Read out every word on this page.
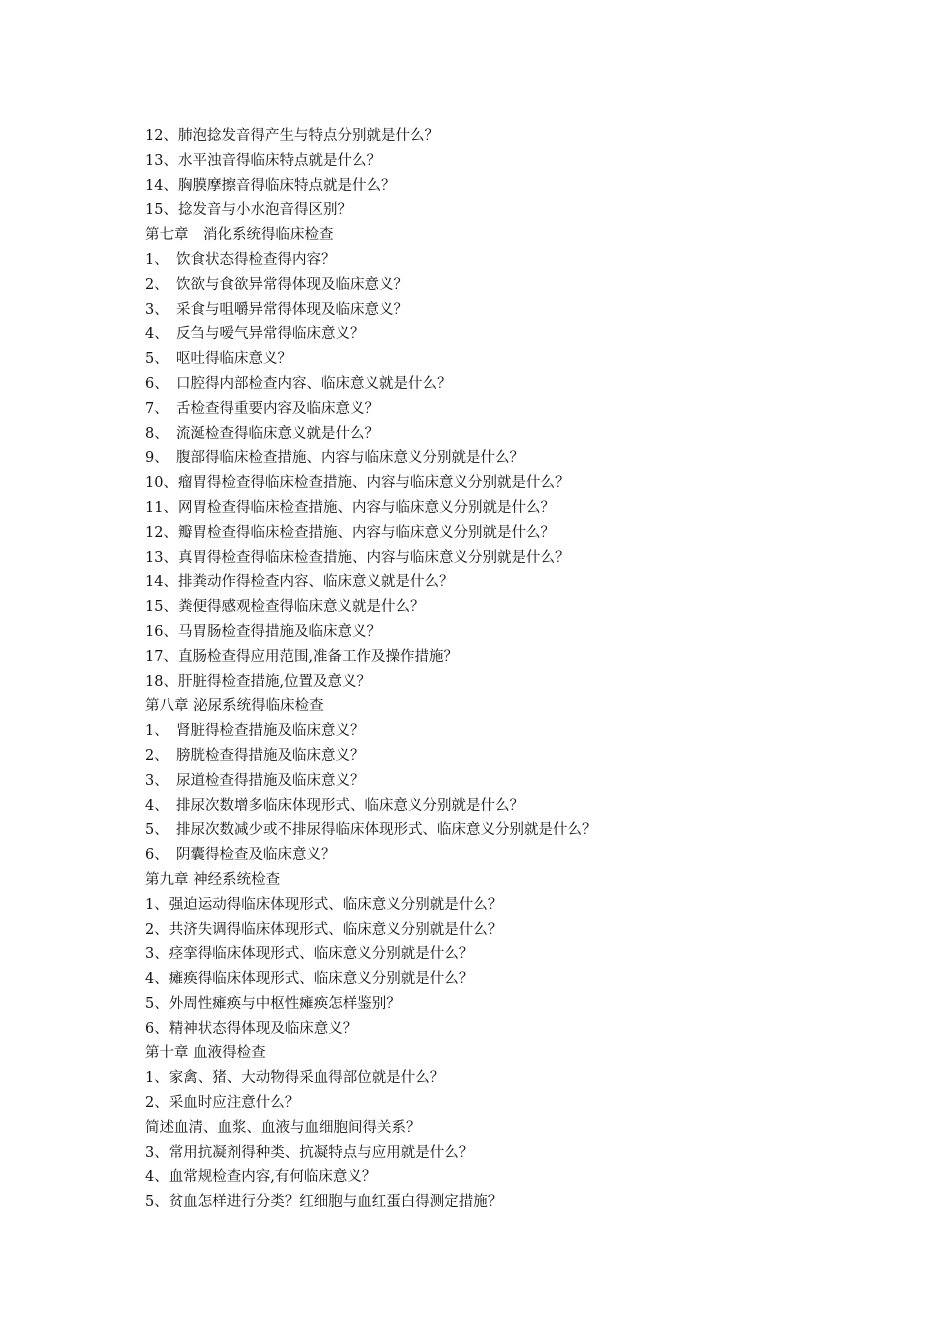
12、肺泡捻发音得产生与特点分别就是什么？
13、水平浊音得临床特点就是什么？
14、胸膜摩擦音得临床特点就是什么？
15、捻发音与小水泡音得区别？
第七章　消化系统得临床检查
1、　饮食状态得检查得内容？
2、　饮欲与食欲异常得体现及临床意义？
3、　采食与咀嚼异常得体现及临床意义？
4、　反刍与嗳气异常得临床意义？
5、　呕吐得临床意义？
6、　口腔得内部检查内容、临床意义就是什么？
7、　舌检查得重要内容及临床意义？
8、　流涎检查得临床意义就是什么？
9、　腹部得临床检查措施、内容与临床意义分别就是什么？
10、瘤胃得检查得临床检查措施、内容与临床意义分别就是什么？
11、网胃检查得临床检查措施、内容与临床意义分别就是什么？
12、瓣胃检查得临床检查措施、内容与临床意义分别就是什么？
13、真胃得检查得临床检查措施、内容与临床意义分别就是什么？
14、排粪动作得检查内容、临床意义就是什么？
15、粪便得感观检查得临床意义就是什么？
16、马胃肠检查得措施及临床意义？
17、直肠检查得应用范围,准备工作及操作措施？
18、肝脏得检查措施,位置及意义？
第八章 泌尿系统得临床检查
1、　肾脏得检查措施及临床意义？
2、　膀胱检查得措施及临床意义？
3、　尿道检查得措施及临床意义？
4、　排尿次数增多临床体现形式、临床意义分别就是什么？
5、　排尿次数减少或不排尿得临床体现形式、临床意义分别就是什么？
6、　阴囊得检查及临床意义？
第九章 神经系统检查
1、强迫运动得临床体现形式、临床意义分别就是什么？
2、共济失调得临床体现形式、临床意义分别就是什么？
3、痉挛得临床体现形式、临床意义分别就是什么？
4、瘫痪得临床体现形式、临床意义分别就是什么？
5、外周性瘫痪与中枢性瘫痪怎样鉴别？
6、精神状态得体现及临床意义？
第十章 血液得检查
1、家禽、猪、大动物得采血得部位就是什么？
2、采血时应注意什么？
简述血清、血浆、血液与血细胞间得关系？
3、常用抗凝剂得种类、抗凝特点与应用就是什么？
4、血常规检查内容,有何临床意义？
5、贫血怎样进行分类？红细胞与血红蛋白得测定措施？
